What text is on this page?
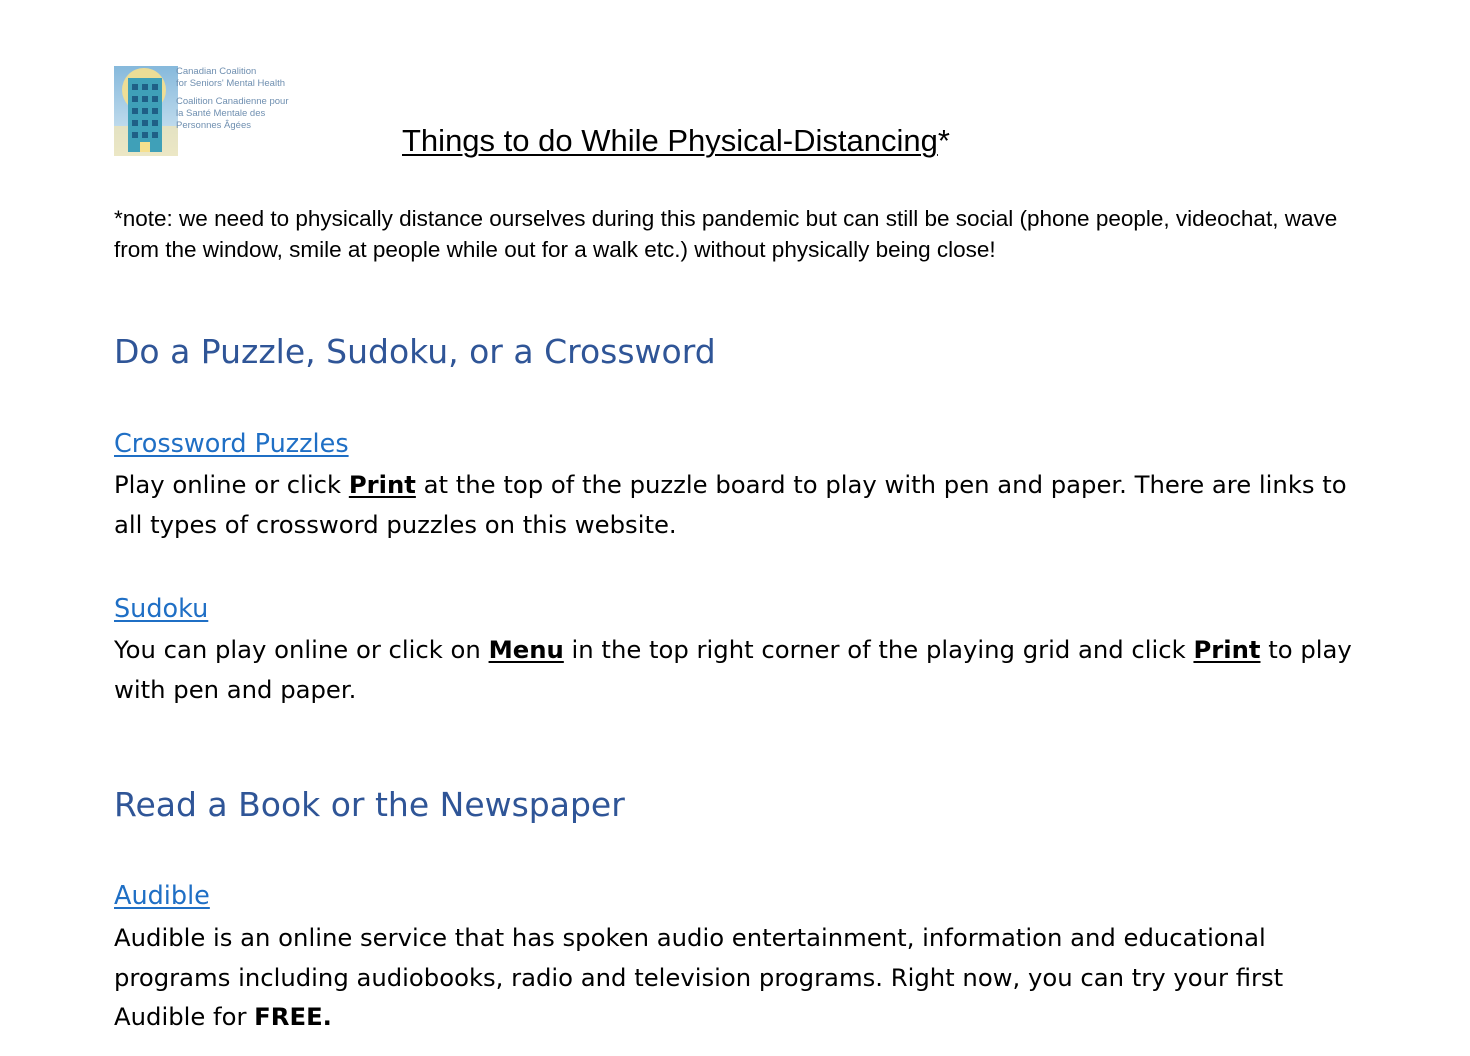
Canadian Coalition
for Seniors' Mental Health
Coalition Canadienne pour
la Santé Mentale des
Personnes Âgées	Things to do While Physical-Distancing*

*note: we need to physically distance ourselves during this pandemic but can still be social (phone people, videochat, wave from the window, smile at people while out for a walk etc.) without physically being close!

Do a Puzzle, Sudoku, or a Crossword
Crossword Puzzles

Play online or click Print at the top of the puzzle board to play with pen and paper. There are links to all types of crossword puzzles on this website.

Sudoku

You can play online or click on Menu in the top right corner of the playing grid and click Print to play with pen and paper.

Read a Book or the Newspaper
Audible

Audible is an online service that has spoken audio entertainment, information and educational programs including audiobooks, radio and television programs. Right now, you can try your first Audible for FREE.
